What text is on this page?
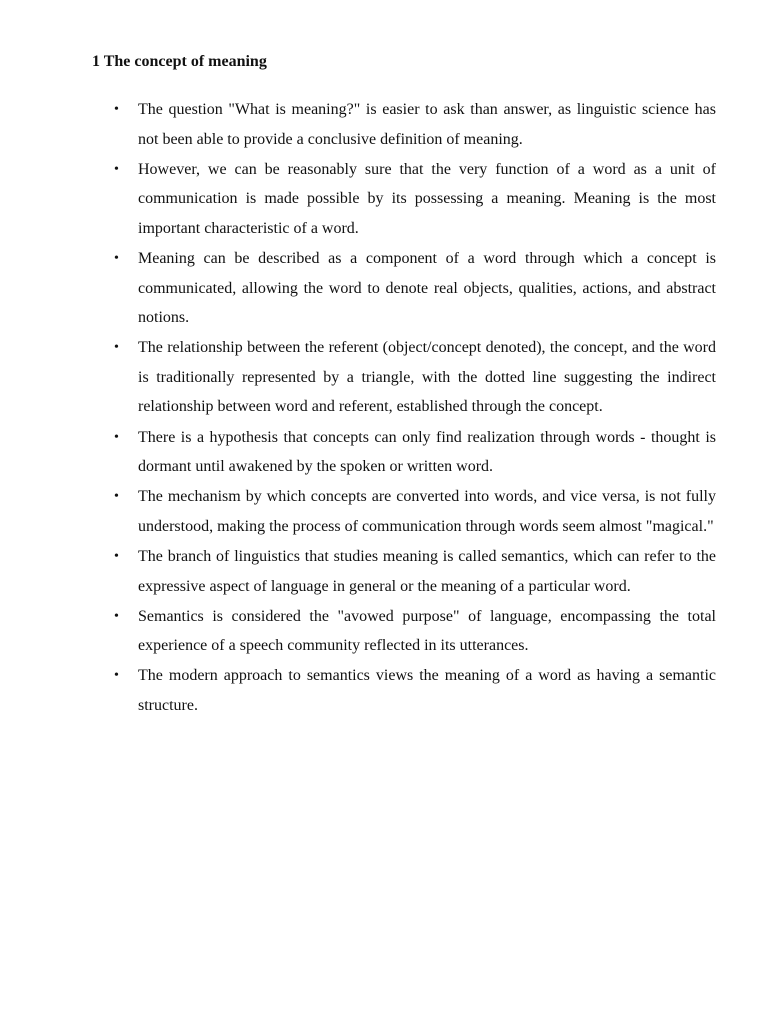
1 The concept of meaning
• The question "What is meaning?" is easier to ask than answer, as linguistic science has not been able to provide a conclusive definition of meaning.
• However, we can be reasonably sure that the very function of a word as a unit of communication is made possible by its possessing a meaning. Meaning is the most important characteristic of a word.
• Meaning can be described as a component of a word through which a concept is communicated, allowing the word to denote real objects, qualities, actions, and abstract notions.
• The relationship between the referent (object/concept denoted), the concept, and the word is traditionally represented by a triangle, with the dotted line suggesting the indirect relationship between word and referent, established through the concept.
• There is a hypothesis that concepts can only find realization through words - thought is dormant until awakened by the spoken or written word.
• The mechanism by which concepts are converted into words, and vice versa, is not fully understood, making the process of communication through words seem almost "magical."
• The branch of linguistics that studies meaning is called semantics, which can refer to the expressive aspect of language in general or the meaning of a particular word.
• Semantics is considered the "avowed purpose" of language, encompassing the total experience of a speech community reflected in its utterances.
• The modern approach to semantics views the meaning of a word as having a semantic structure.
